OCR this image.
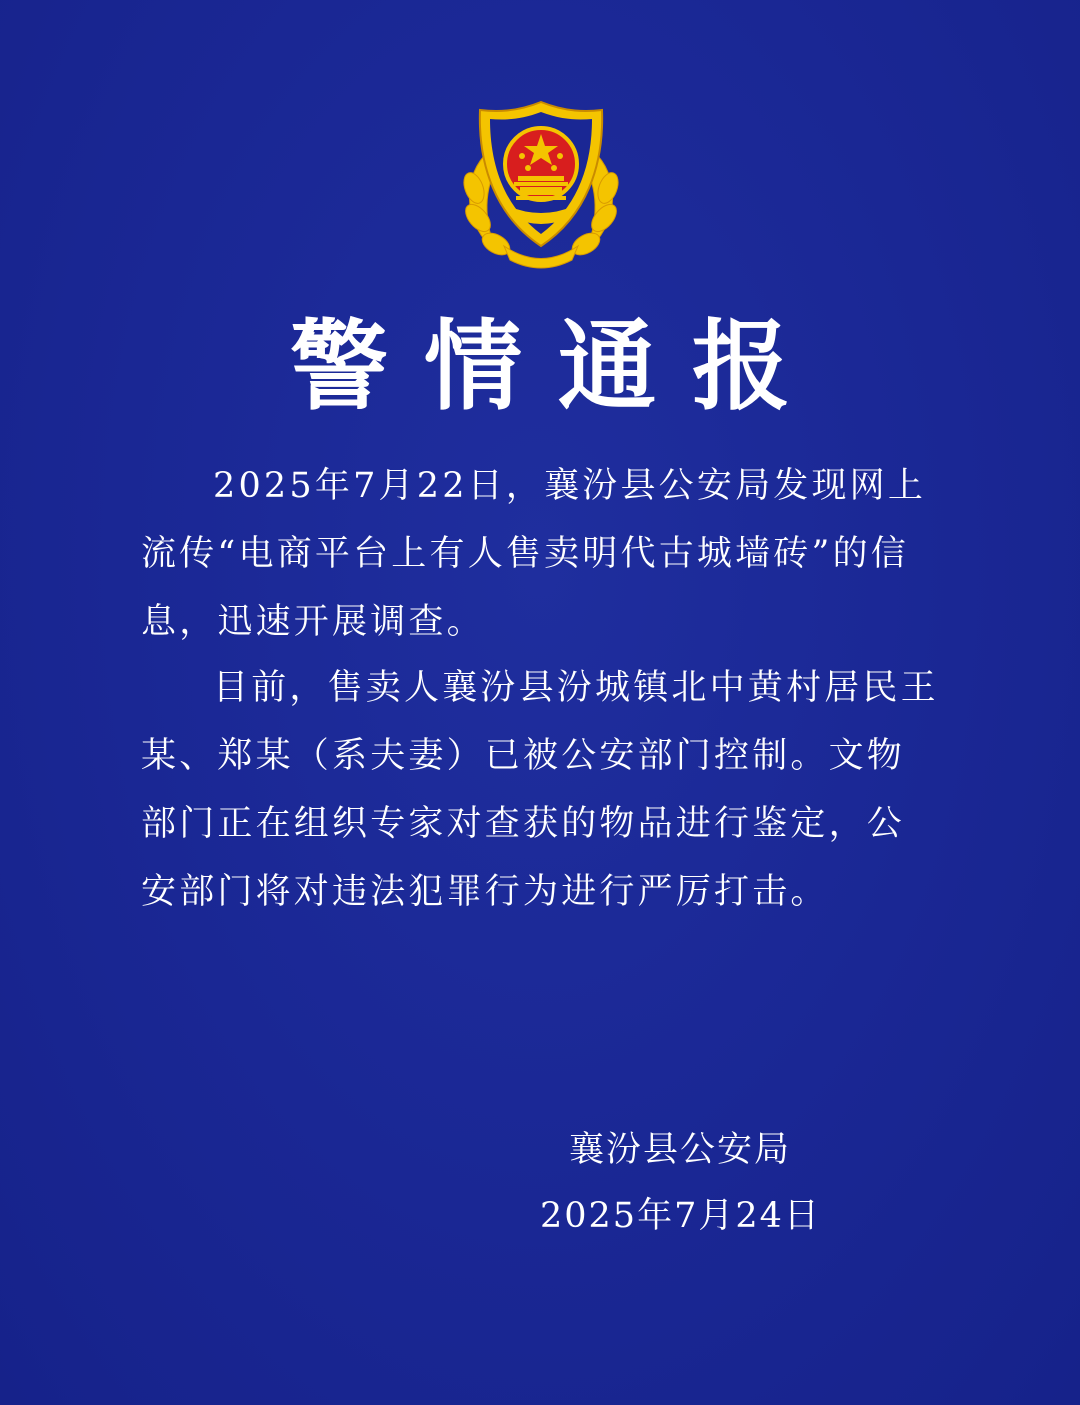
警情通报
2025年7月22日，襄汾县公安局发现网上流传“电商平台上有人售卖明代古城墙砖”的信息，迅速开展调查。
目前，售卖人襄汾县汾城镇北中黄村居民王某、郑某（系夫妻）已被公安部门控制。文物部门正在组织专家对查获的物品进行鉴定，公安部门将对违法犯罪行为进行严厉打击。
襄汾县公安局
2025年7月24日
